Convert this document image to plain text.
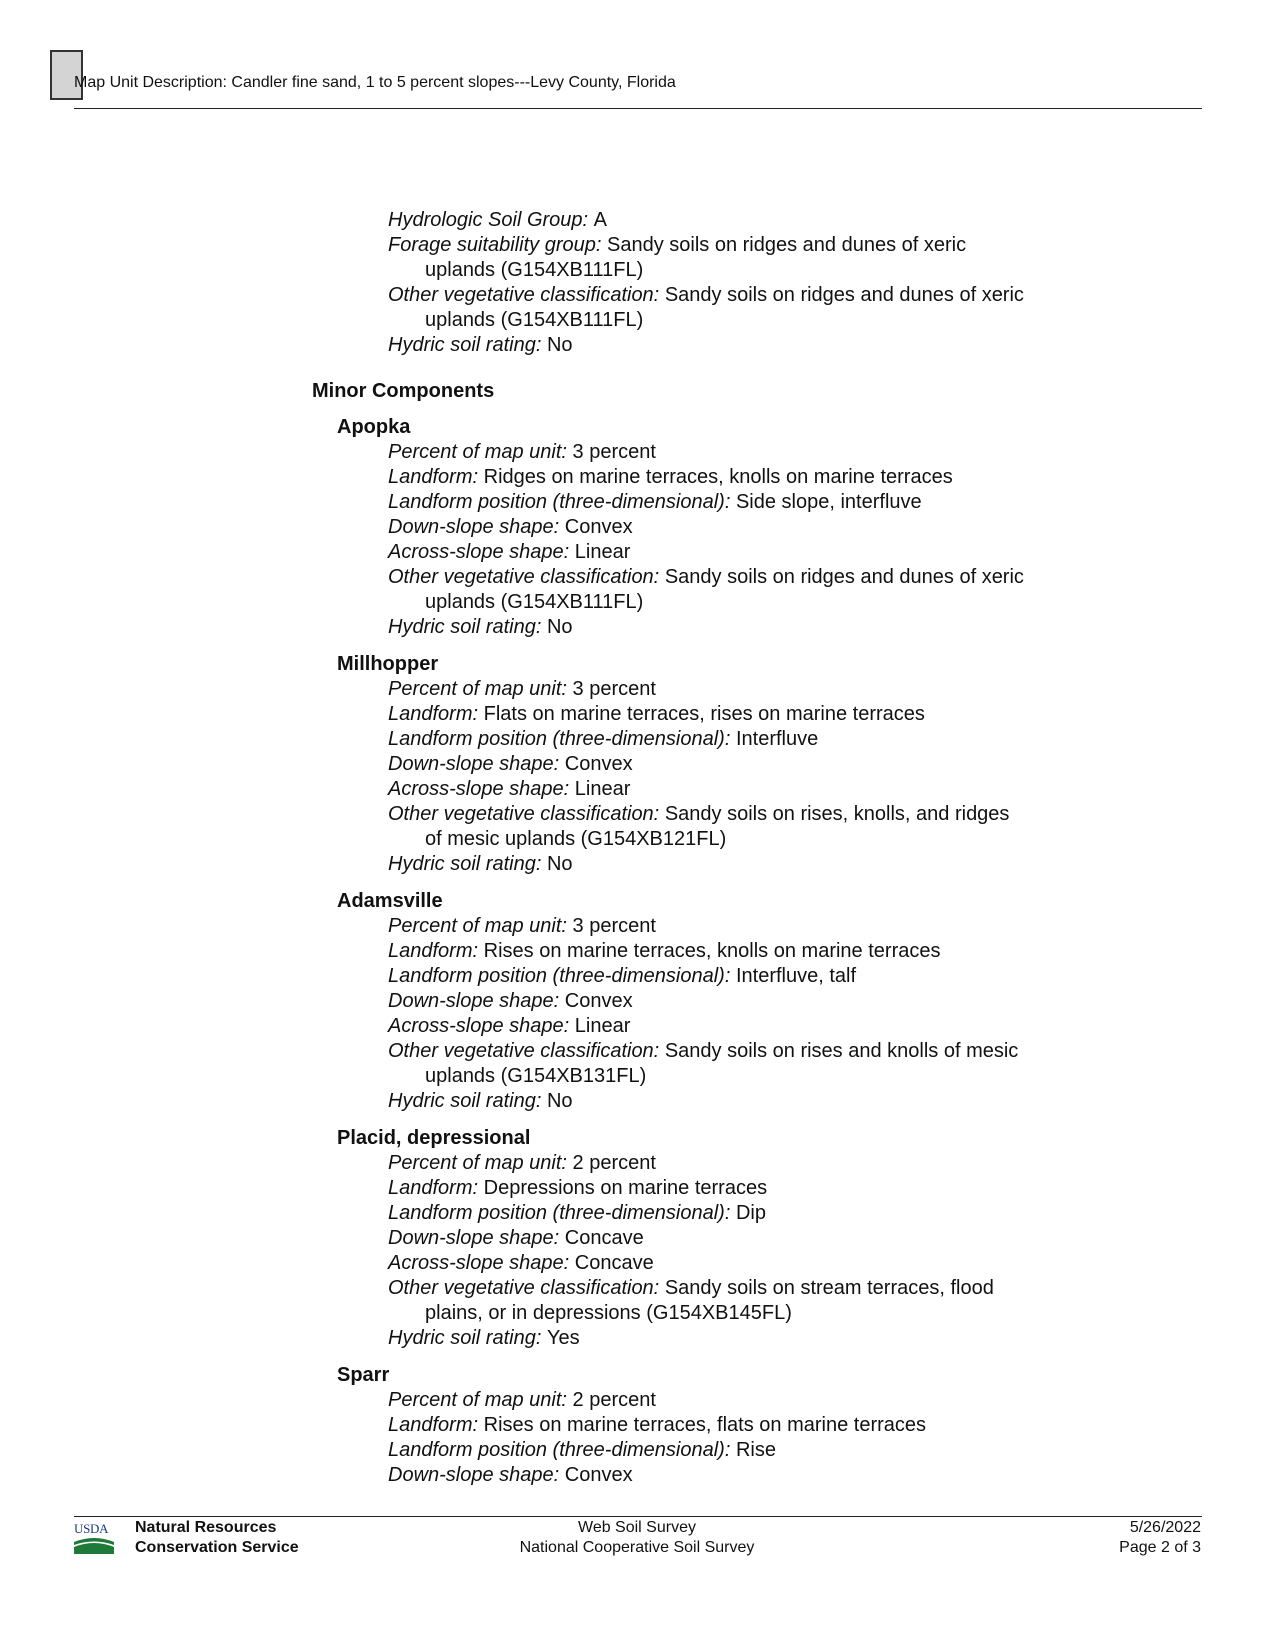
Map Unit Description: Candler fine sand, 1 to 5 percent slopes---Levy County, Florida
Hydrologic Soil Group: A
Forage suitability group: Sandy soils on ridges and dunes of xeric uplands (G154XB111FL)
Other vegetative classification: Sandy soils on ridges and dunes of xeric uplands (G154XB111FL)
Hydric soil rating: No
Minor Components
Apopka
Percent of map unit: 3 percent
Landform: Ridges on marine terraces, knolls on marine terraces
Landform position (three-dimensional): Side slope, interfluve
Down-slope shape: Convex
Across-slope shape: Linear
Other vegetative classification: Sandy soils on ridges and dunes of xeric uplands (G154XB111FL)
Hydric soil rating: No
Millhopper
Percent of map unit: 3 percent
Landform: Flats on marine terraces, rises on marine terraces
Landform position (three-dimensional): Interfluve
Down-slope shape: Convex
Across-slope shape: Linear
Other vegetative classification: Sandy soils on rises, knolls, and ridges of mesic uplands (G154XB121FL)
Hydric soil rating: No
Adamsville
Percent of map unit: 3 percent
Landform: Rises on marine terraces, knolls on marine terraces
Landform position (three-dimensional): Interfluve, talf
Down-slope shape: Convex
Across-slope shape: Linear
Other vegetative classification: Sandy soils on rises and knolls of mesic uplands (G154XB131FL)
Hydric soil rating: No
Placid, depressional
Percent of map unit: 2 percent
Landform: Depressions on marine terraces
Landform position (three-dimensional): Dip
Down-slope shape: Concave
Across-slope shape: Concave
Other vegetative classification: Sandy soils on stream terraces, flood plains, or in depressions (G154XB145FL)
Hydric soil rating: Yes
Sparr
Percent of map unit: 2 percent
Landform: Rises on marine terraces, flats on marine terraces
Landform position (three-dimensional): Rise
Down-slope shape: Convex
USDA	Natural Resources
Conservation Service
Web Soil Survey
National Cooperative Soil Survey
5/26/2022
Page 2 of 3
